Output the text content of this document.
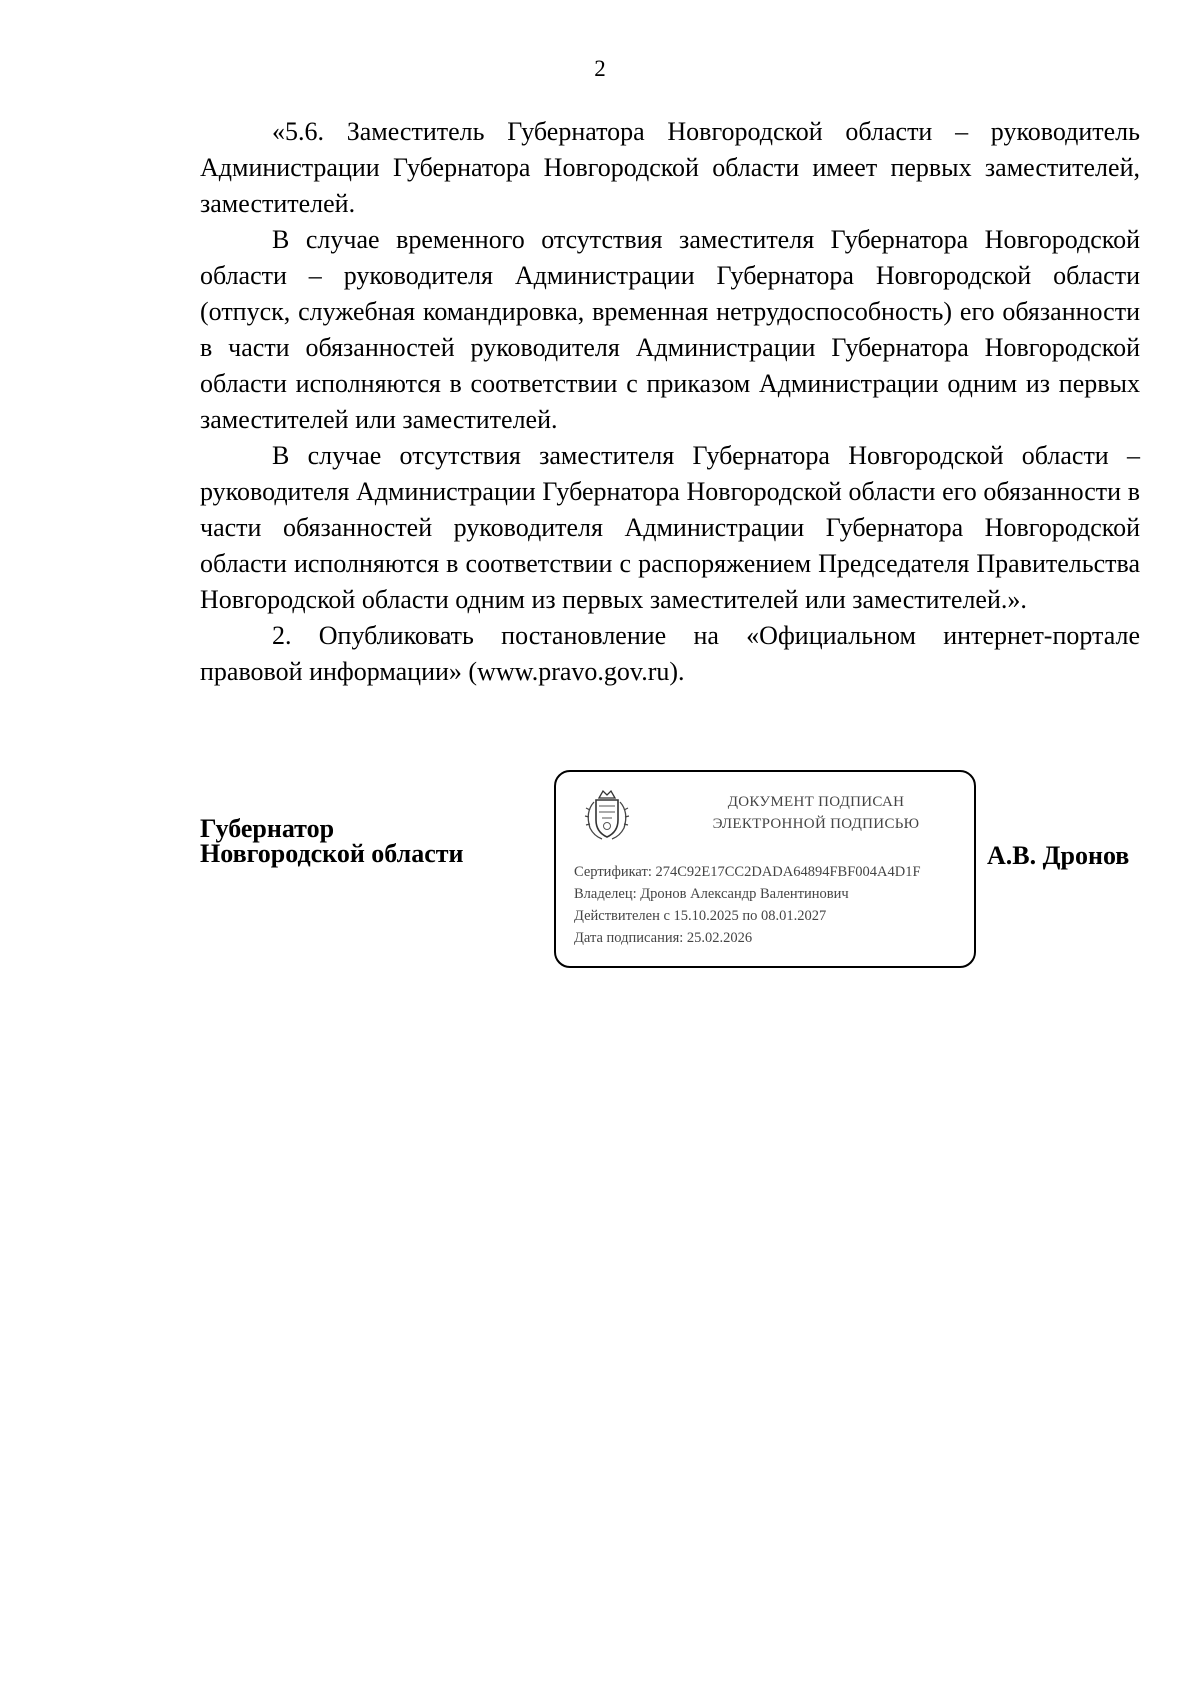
2

«5.6. Заместитель Губернатора Новгородской области – руководитель Администрации Губернатора Новгородской области имеет первых заместителей, заместителей.

В случае временного отсутствия заместителя Губернатора Новгородской области – руководителя Администрации Губернатора Новгородской области (отпуск, служебная командировка, временная нетрудоспособность) его обязанности в части обязанностей руководителя Администрации Губернатора Новгородской области исполняются в соответствии с приказом Администрации одним из первых заместителей или заместителей.

В случае отсутствия заместителя Губернатора Новгородской области – руководителя Администрации Губернатора Новгородской области его обязанности в части обязанностей руководителя Администрации Губернатора Новгородской области исполняются в соответствии с распоряжением Председателя Правительства Новгородской области одним из первых заместителей или заместителей.».

2. Опубликовать постановление на «Официальном интернет-портале правовой информации» (www.pravo.gov.ru).

Губернатор
Новгородской области
ДОКУМЕНТ ПОДПИСАН
ЭЛЕКТРОННОЙ ПОДПИСЬЮ
Сертификат: 274C92E17CC2DADA64894FBF004A4D1F
Владелец: Дронов Александр Валентинович
Действителен с 15.10.2025 по 08.01.2027
Дата подписания: 25.02.2026
А.В. Дронов
